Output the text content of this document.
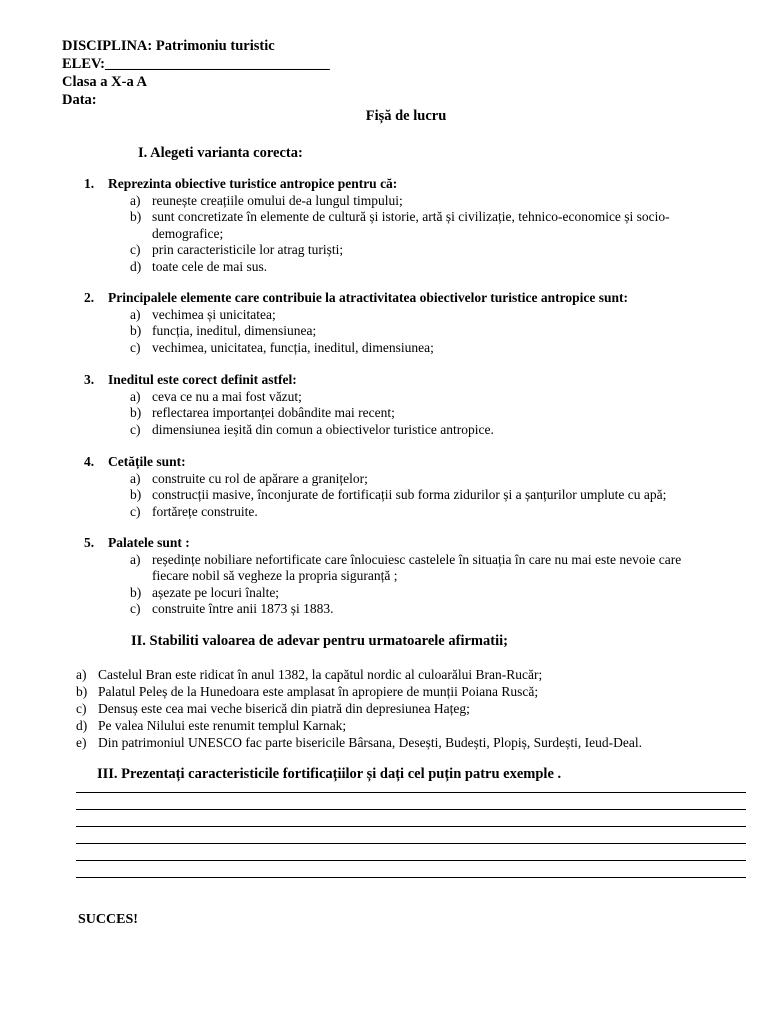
DISCIPLINA: Patrimoniu turistic
ELEV:_______________________________
Clasa a X-a A
Data:
Fișă de lucru
I. Alegeti varianta corecta:
1.	Reprezinta obiective turistice antropice pentru că:
a) reunește creațiile omului de-a lungul timpului;
b) sunt concretizate în elemente de cultură și istorie, artă și civilizație, tehnico-economice și socio-demografice;
c) prin caracteristicile lor atrag turiști;
d) toate cele de mai sus.
2.	Principalele elemente care contribuie la atractivitatea obiectivelor turistice antropice sunt:
a) vechimea și unicitatea;
b) funcția, ineditul, dimensiunea;
c) vechimea, unicitatea, funcția, ineditul, dimensiunea;
3.	Ineditul este corect definit astfel:
a) ceva ce nu a mai fost văzut;
b) reflectarea importanței dobândite mai recent;
c) dimensiunea ieșită din comun a obiectivelor turistice antropice.
4.	Cetățile sunt:
a) construite cu rol de apărare a granițelor;
b) construcții masive, înconjurate de fortificații sub forma zidurilor și a șanțurilor umplute cu apă;
c) fortărețe construite.
5.	Palatele sunt :
a) reședințe nobiliare nefortificate care înlocuiesc castelele în situația în care nu mai este nevoie care fiecare nobil să vegheze la propria siguranță ;
b) așezate pe locuri înalte;
c) construite între anii 1873 și 1883.
II. Stabiliti valoarea de adevar pentru urmatoarele afirmatii;
a) Castelul Bran este ridicat în anul 1382, la capătul nordic al culoarălui Bran-Rucăr;
b) Palatul Peleș de la Hunedoara este amplasat în apropiere de munții Poiana Ruscă;
c) Densuș este cea mai veche biserică din piatră din depresiunea Hațeg;
d) Pe valea Nilului este renumit templul Karnak;
e) Din patrimoniul UNESCO fac parte bisericile Bârsana, Desești, Budești, Plopiș, Surdești, Ieud-Deal.
III. Prezentați caracteristicile fortificațiilor și dați cel puțin patru exemple .
SUCCES!
